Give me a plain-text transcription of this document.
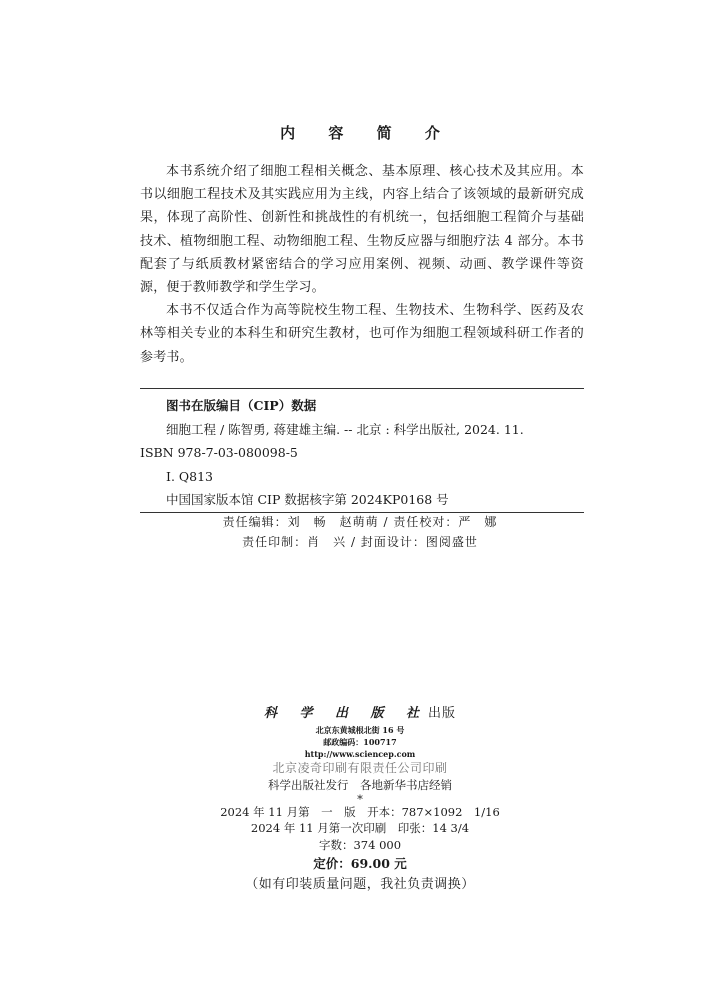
内 容 简 介

本书系统介绍了细胞工程相关概念、基本原理、核心技术及其应用。本书以细胞工程技术及其实践应用为主线，内容上结合了该领域的最新研究成果，体现了高阶性、创新性和挑战性的有机统一，包括细胞工程简介与基础技术、植物细胞工程、动物细胞工程、生物反应器与细胞疗法 4 部分。本书配套了与纸质教材紧密结合的学习应用案例、视频、动画、教学课件等资源，便于教师教学和学生学习。

本书不仅适合作为高等院校生物工程、生物技术、生物科学、医药及农林等相关专业的本科生和研究生教材，也可作为细胞工程领域科研工作者的参考书。

图书在版编目（CIP）数据
细胞工程 / 陈智勇, 蒋建雄主编. -- 北京 : 科学出版社, 2024. 11.
ISBN 978-7-03-080098-5
Ⅰ. Q813
中国国家版本馆 CIP 数据核字第 2024KP0168 号
责任编辑：刘　畅　赵萌萌 / 责任校对：严　娜
责任印制：肖　兴 / 封面设计：图阅盛世
科 学 出 版 社出版
北京东黄城根北街 16 号
邮政编码：100717
http://www.sciencep.com
北京凌奇印刷有限责任公司印刷
科学出版社发行　各地新华书店经销
*
2024 年 11 月第　一　版　开本：787×1092　1/16
2024 年 11 月第一次印刷　印张：14 3/4
字数：374 000
定价：69.00 元
（如有印装质量问题，我社负责调换）
